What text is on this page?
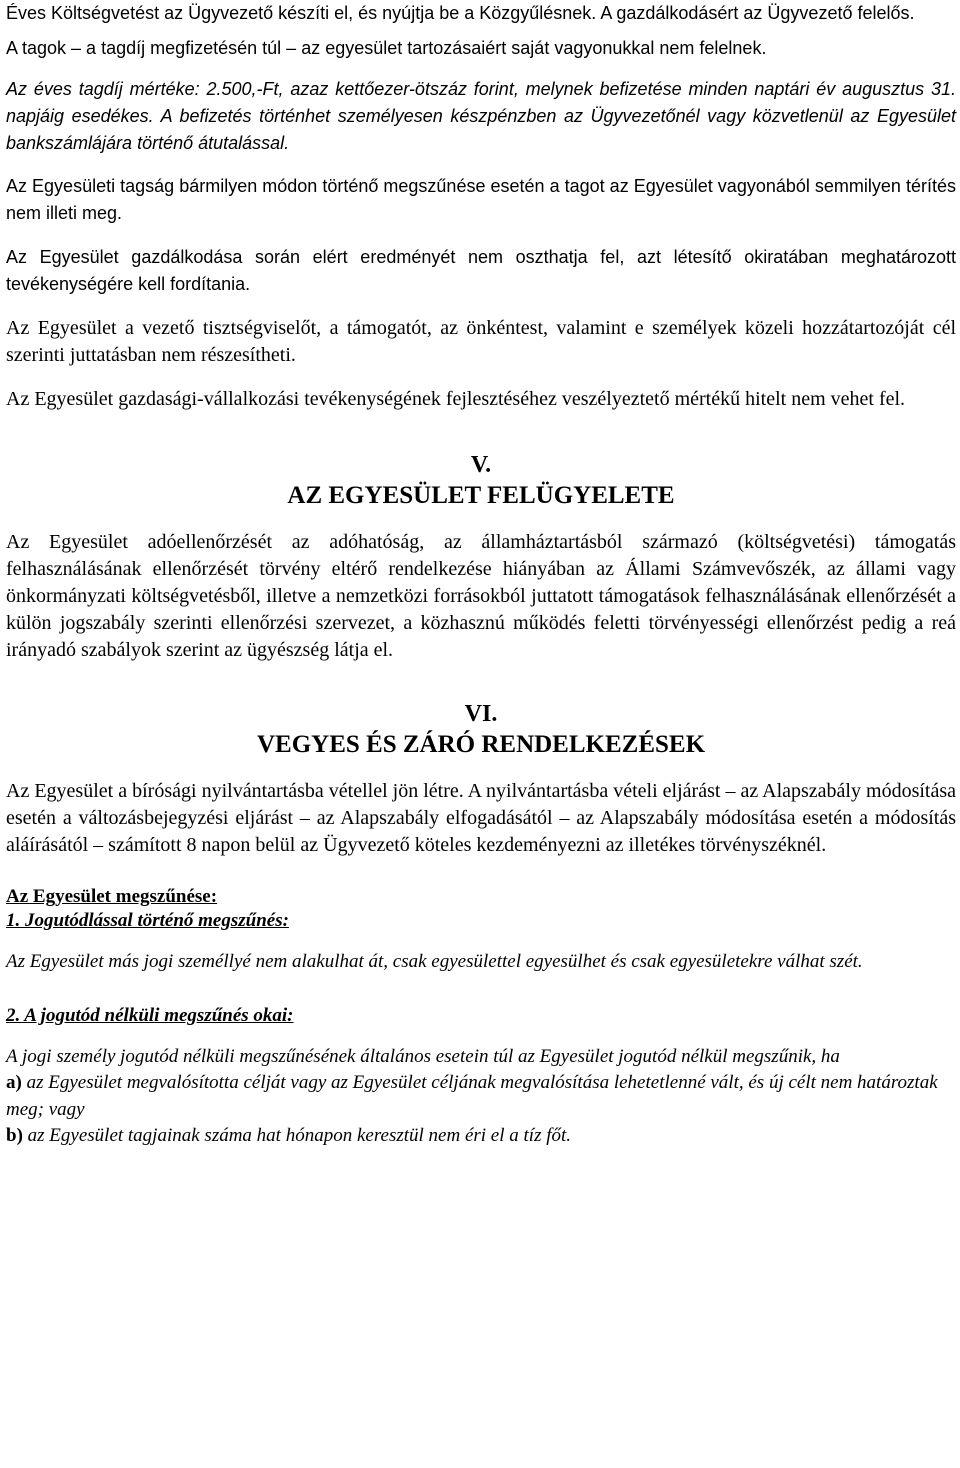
Éves Költségvetést az Ügyvezető készíti el, és nyújtja be a Közgyűlésnek. A gazdálkodásért az Ügyvezető felelős.

A tagok – a tagdíj megfizetésén túl – az egyesület tartozásaiért saját vagyonukkal nem felelnek.

Az éves tagdíj mértéke: 2.500,-Ft, azaz kettőezer-ötszáz forint, melynek befizetése minden naptári év augusztus 31. napjáig esedékes. A befizetés történhet személyesen készpénzben az Ügyvezetőnél vagy közvetlenül az Egyesület bankszámlájára történő átutalással.

Az Egyesületi tagság bármilyen módon történő megszűnése esetén a tagot az Egyesület vagyonából semmilyen térítés nem illeti meg.

Az Egyesület gazdálkodása során elért eredményét nem oszthatja fel, azt létesítő okiratában meghatározott tevékenységére kell fordítania.

Az Egyesület a vezető tisztségviselőt, a támogatót, az önkéntest, valamint e személyek közeli hozzátartozóját cél szerinti juttatásban nem részesítheti.

Az Egyesület gazdasági-vállalkozási tevékenységének fejlesztéséhez veszélyeztető mértékű hitelt nem vehet fel.

V.

AZ EGYESÜLET FELÜGYELETE

Az Egyesület adóellenőrzését az adóhatóság, az államháztartásból származó (költségvetési) támogatás felhasználásának ellenőrzését törvény eltérő rendelkezése hiányában az Állami Számvevőszék, az állami vagy önkormányzati költségvetésből, illetve a nemzetközi forrásokból juttatott támogatások felhasználásának ellenőrzését a külön jogszabály szerinti ellenőrzési szervezet, a közhasznú működés feletti törvényességi ellenőrzést pedig a reá irányadó szabályok szerint az ügyészség látja el.

VI.

VEGYES ÉS ZÁRÓ RENDELKEZÉSEK

Az Egyesület a bírósági nyilvántartásba vétellel jön létre. A nyilvántartásba vételi eljárást – az Alapszabály módosítása esetén a változásbejegyzési eljárást – az Alapszabály elfogadásától – az Alapszabály módosítása esetén a módosítás aláírásától – számított 8 napon belül az Ügyvezető köteles kezdeményezni az illetékes törvényszéknél.

Az Egyesület megszűnése:

1. Jogutódlással történő megszűnés:

Az Egyesület más jogi személlyé nem alakulhat át, csak egyesülettel egyesülhet és csak egyesületekre válhat szét.

2. A jogutód nélküli megszűnés okai:

A jogi személy jogutód nélküli megszűnésének általános esetein túl az Egyesület jogutód nélkül megszűnik, ha

a) az Egyesület megvalósította célját vagy az Egyesület céljának megvalósítása lehetetlenné vált, és új célt nem határoztak meg; vagy

b) az Egyesület tagjainak száma hat hónapon keresztül nem éri el a tíz főt.
